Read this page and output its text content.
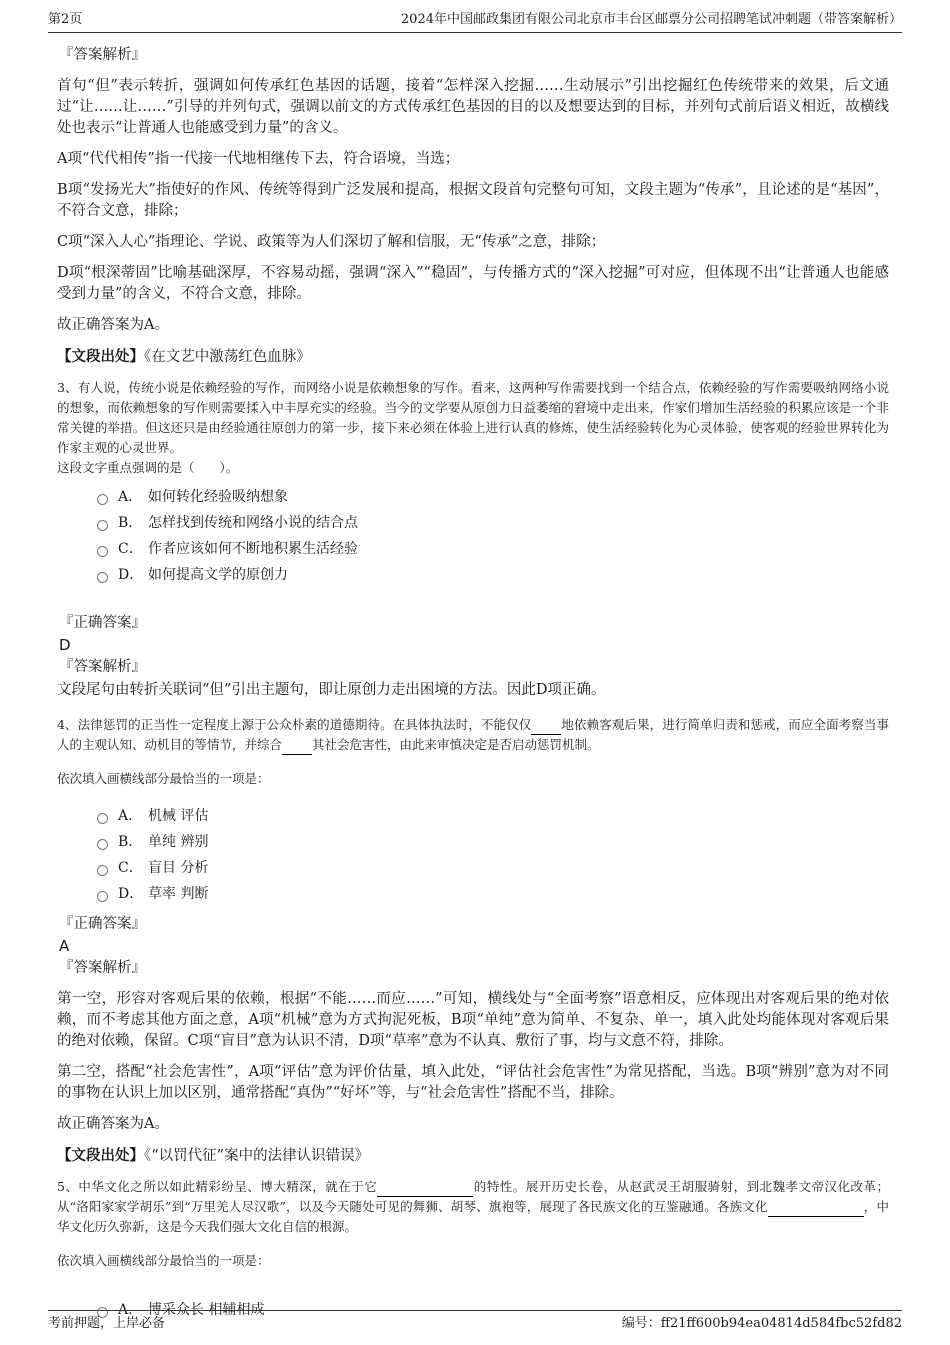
第2页	2024年中国邮政集团有限公司北京市丰台区邮票分公司招聘笔试冲刺题（带答案解析）
『答案解析』

首句“但”表示转折，强调如何传承红色基因的话题，接着“怎样深入挖掘……生动展示”引出挖掘红色传统带来的效果，后文通过“让……让……”引导的并列句式，强调以前文的方式传承红色基因的目的以及想要达到的目标，并列句式前后语义相近，故横线处也表示“让普通人也能感受到力量”的含义。

A项“代代相传”指一代接一代地相继传下去，符合语境，当选；

B项“发扬光大”指使好的作风、传统等得到广泛发展和提高，根据文段首句完整句可知，文段主题为“传承”，且论述的是“基因”，不符合文意，排除；

C项“深入人心”指理论、学说、政策等为人们深切了解和信服，无“传承”之意，排除；

D项“根深蒂固”比喻基础深厚，不容易动摇，强调“深入”“稳固”，与传播方式的“深入挖掘”可对应，但体现不出“让普通人也能感受到力量”的含义，不符合文意，排除。

故正确答案为A。

【文段出处】《在文艺中激荡红色血脉》

3、有人说，传统小说是依赖经验的写作，而网络小说是依赖想象的写作。看来，这两种写作需要找到一个结合点，依赖经验的写作需要吸纳网络小说的想象，而依赖想象的写作则需要揉入中丰厚充实的经验。当今的文学要从原创力日益萎缩的窘境中走出来，作家们增加生活经验的积累应该是一个非常关键的举措。但这还只是由经验通往原创力的第一步，接下来必须在体验上进行认真的修炼，使生活经验转化为心灵体验，使客观的经验世界转化为作家主观的心灵世界。

这段文字重点强调的是（　　）。

A． 如何转化经验吸纳想象
B． 怎样找到传统和网络小说的结合点
C． 作者应该如何不断地积累生活经验
D． 如何提高文学的原创力
『正确答案』
D
『答案解析』

文段尾句由转折关联词“但”引出主题句，即让原创力走出困境的方法。因此D项正确。

4、法律惩罚的正当性一定程度上源于公众朴素的道德期待。在具体执法时，不能仅仅 地依赖客观后果，进行简单归责和惩戒，而应全面考察当事人的主观认知、动机目的等情节，并综合 其社会危害性，由此来审慎决定是否启动惩罚机制。

依次填入画横线部分最恰当的一项是：

A． 机械 评估
B． 单纯 辨别
C． 盲目 分析
D． 草率 判断
『正确答案』
A
『答案解析』

第一空，形容对客观后果的依赖，根据“不能……而应……”可知，横线处与“全面考察”语意相反，应体现出对客观后果的绝对依赖，而不考虑其他方面之意，A项“机械”意为方式拘泥死板，B项“单纯”意为简单、不复杂、单一，填入此处均能体现对客观后果的绝对依赖，保留。C项“盲目”意为认识不清，D项“草率”意为不认真、敷衍了事，均与文意不符，排除。

第二空，搭配“社会危害性”，A项“评估”意为评价估量，填入此处，“评估社会危害性”为常见搭配，当选。B项“辨别”意为对不同的事物在认识上加以区别，通常搭配“真伪”“好坏”等，与“社会危害性”搭配不当，排除。

故正确答案为A。

【文段出处】《“以罚代征”案中的法律认识错误》

5、中华文化之所以如此精彩纷呈、博大精深，就在于它	的特性。展开历史长卷，从赵武灵王胡服骑射，到北魏孝文帝汉化改革；从“洛阳家家学胡乐”到“万里羌人尽汉歌”，以及今天随处可见的舞狮、胡琴、旗袍等，展现了各民族文化的互鉴融通。各族文化	，中华文化历久弥新，这是今天我们强大文化自信的根源。

依次填入画横线部分最恰当的一项是：

A． 博采众长 相辅相成
考前押题，上岸必备	编号：ff21ff600b94ea04814d584fbc52fd82
